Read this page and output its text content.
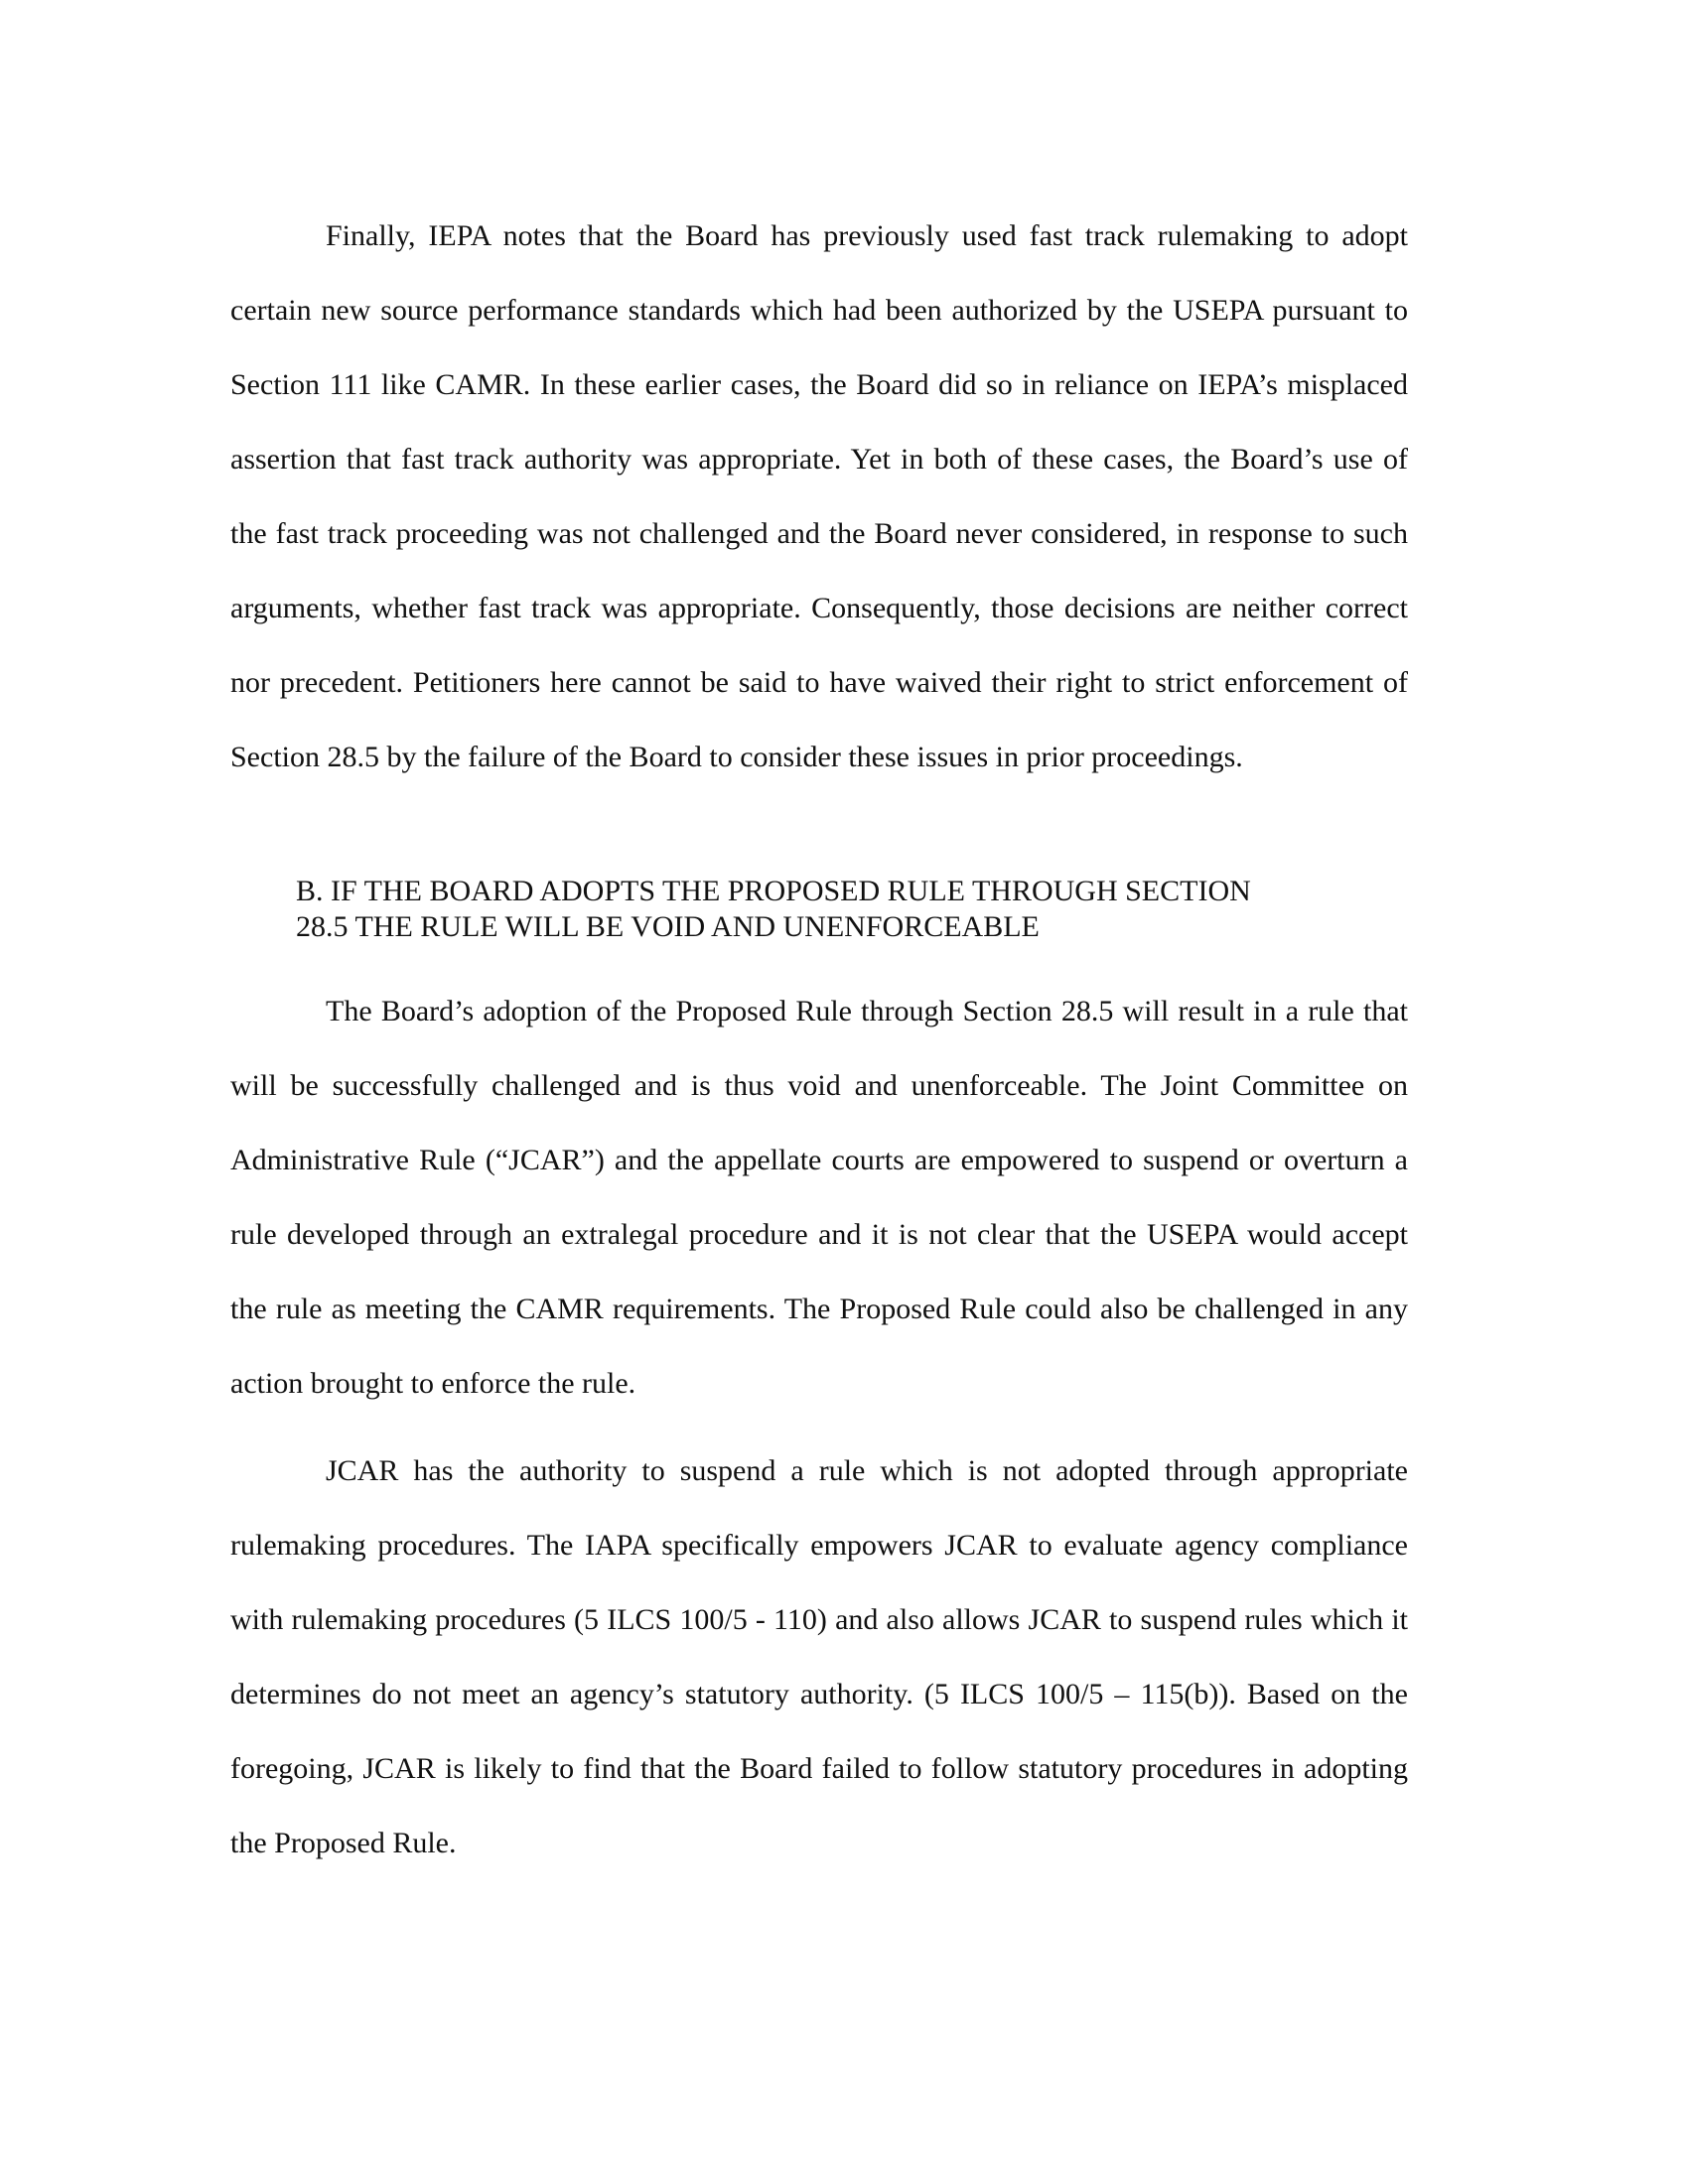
Finally, IEPA notes that the Board has previously used fast track rulemaking to adopt certain new source performance standards which had been authorized by the USEPA pursuant to Section 111 like CAMR. In these earlier cases, the Board did so in reliance on IEPA’s misplaced assertion that fast track authority was appropriate. Yet in both of these cases, the Board’s use of the fast track proceeding was not challenged and the Board never considered, in response to such arguments, whether fast track was appropriate. Consequently, those decisions are neither correct nor precedent. Petitioners here cannot be said to have waived their right to strict enforcement of Section 28.5 by the failure of the Board to consider these issues in prior proceedings.

B. IF THE BOARD ADOPTS THE PROPOSED RULE THROUGH SECTION
28.5 THE RULE WILL BE VOID AND UNENFORCEABLE

The Board’s adoption of the Proposed Rule through Section 28.5 will result in a rule that will be successfully challenged and is thus void and unenforceable. The Joint Committee on Administrative Rule (“JCAR”) and the appellate courts are empowered to suspend or overturn a rule developed through an extralegal procedure and it is not clear that the USEPA would accept the rule as meeting the CAMR requirements. The Proposed Rule could also be challenged in any action brought to enforce the rule.

JCAR has the authority to suspend a rule which is not adopted through appropriate rulemaking procedures. The IAPA specifically empowers JCAR to evaluate agency compliance with rulemaking procedures (5 ILCS 100/5 - 110) and also allows JCAR to suspend rules which it determines do not meet an agency’s statutory authority. (5 ILCS 100/5 – 115(b)). Based on the foregoing, JCAR is likely to find that the Board failed to follow statutory procedures in adopting the Proposed Rule.
